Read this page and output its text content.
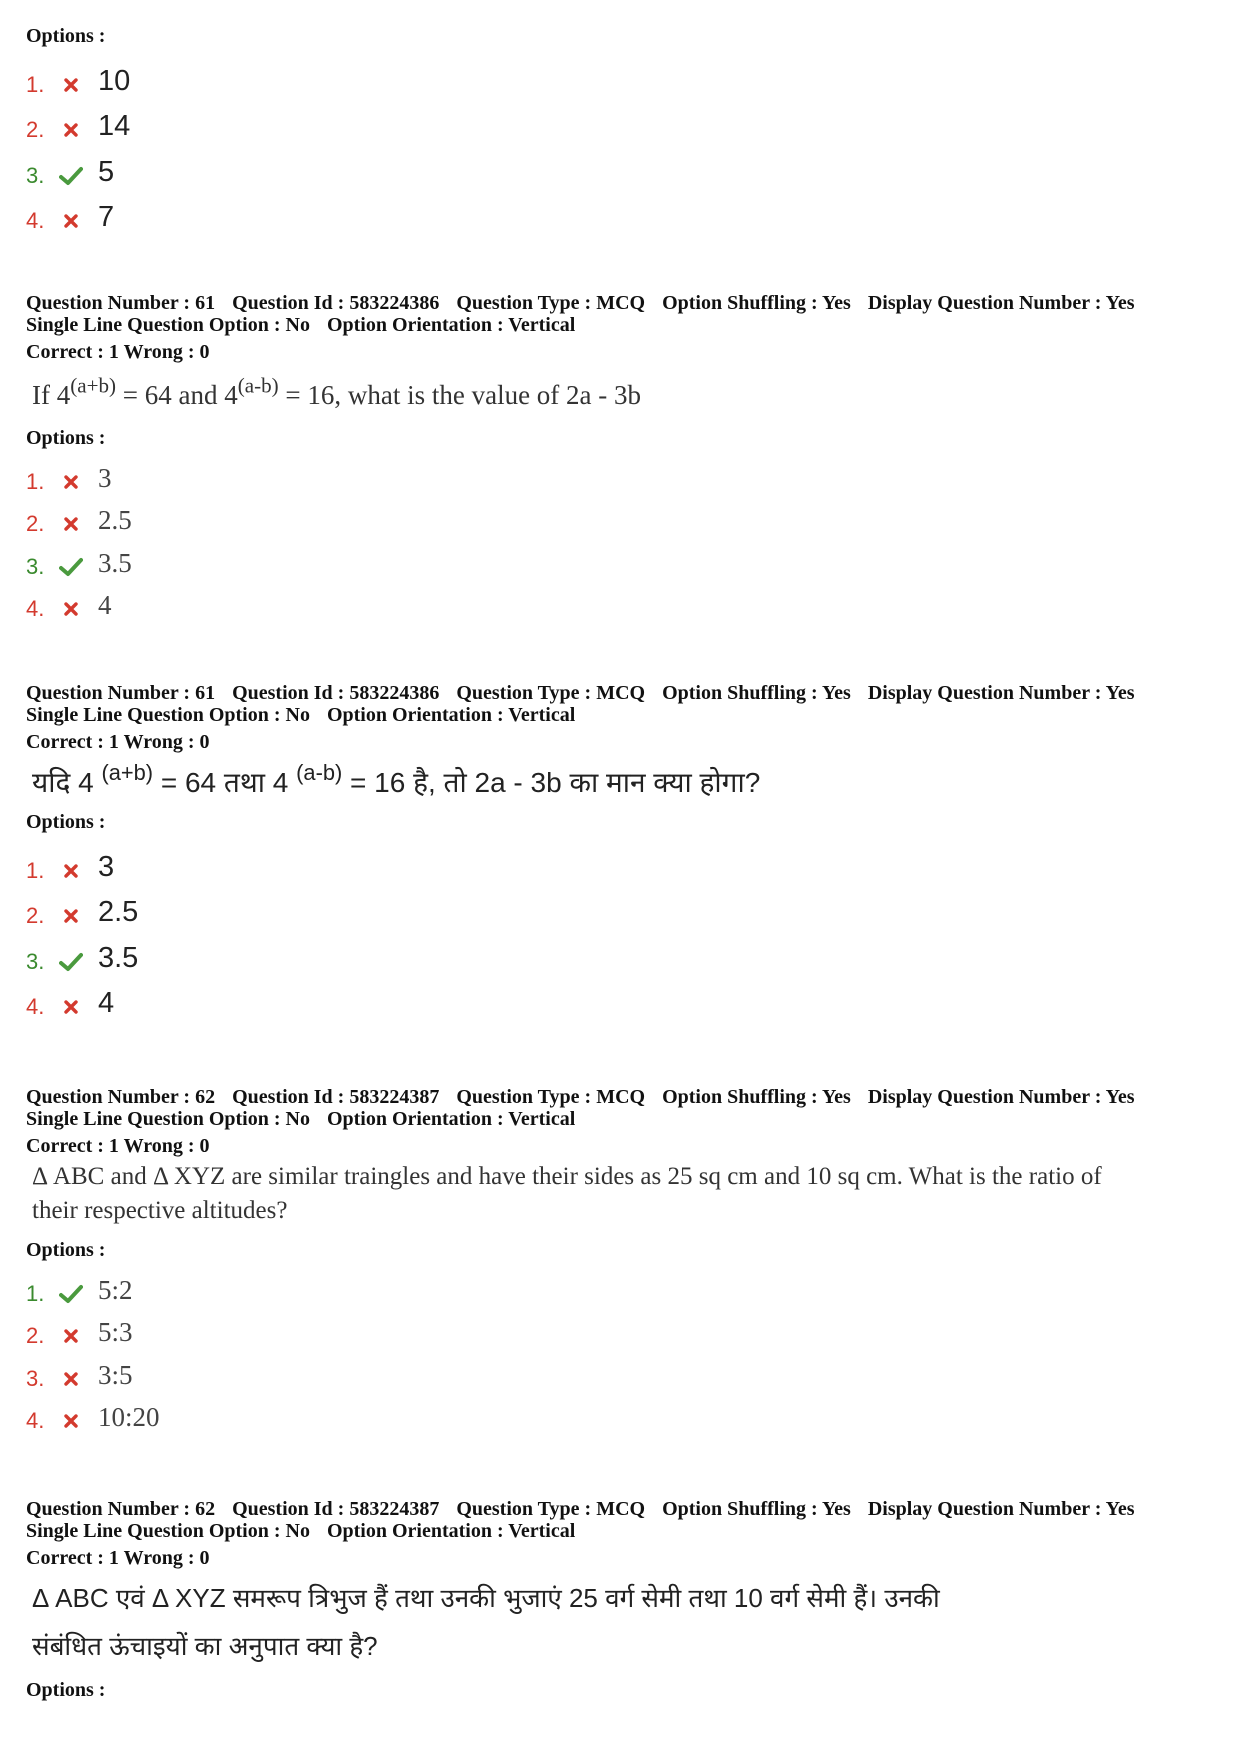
Options :
1.	10
2.	14
3.	5
4.	7
Question Number : 61 Question Id : 583224386 Question Type : MCQ Option Shuffling : Yes Display Question Number : Yes
Single Line Question Option : No Option Orientation : Vertical
Correct : 1 Wrong : 0
If $4^{(a+b)} = 64$ and $4^{(a-b)} = 16$, what is the value of 2a - 3b
Options :
1.	3
2.	2.5
3.	3.5
4.	4
Question Number : 61 Question Id : 583224386 Question Type : MCQ Option Shuffling : Yes Display Question Number : Yes
Single Line Question Option : No Option Orientation : Vertical
Correct : 1 Wrong : 0
यदि 4 $^{(a+b)}$ = 64 तथा 4 $^{(a-b)}$ = 16 है, तो 2a - 3b का मान क्या होगा?
Options :
1.	3
2.	2.5
3.	3.5
4.	4
Question Number : 62 Question Id : 583224387 Question Type : MCQ Option Shuffling : Yes Display Question Number : Yes
Single Line Question Option : No Option Orientation : Vertical
Correct : 1 Wrong : 0
Δ ABC and Δ XYZ are similar traingles and have their sides as 25 sq cm and 10 sq cm. What is the ratio of
their respective altitudes?
Options :
1.	5:2
2.	5:3
3.	3:5
4.	10:20
Question Number : 62 Question Id : 583224387 Question Type : MCQ Option Shuffling : Yes Display Question Number : Yes
Single Line Question Option : No Option Orientation : Vertical
Correct : 1 Wrong : 0
Δ ABC एवं Δ XYZ समरूप त्रिभुज हैं तथा उनकी भुजाएं 25 वर्ग सेमी तथा 10 वर्ग सेमी हैं। उनकी
संबंधित ऊंचाइयों का अनुपात क्या है?
Options :
